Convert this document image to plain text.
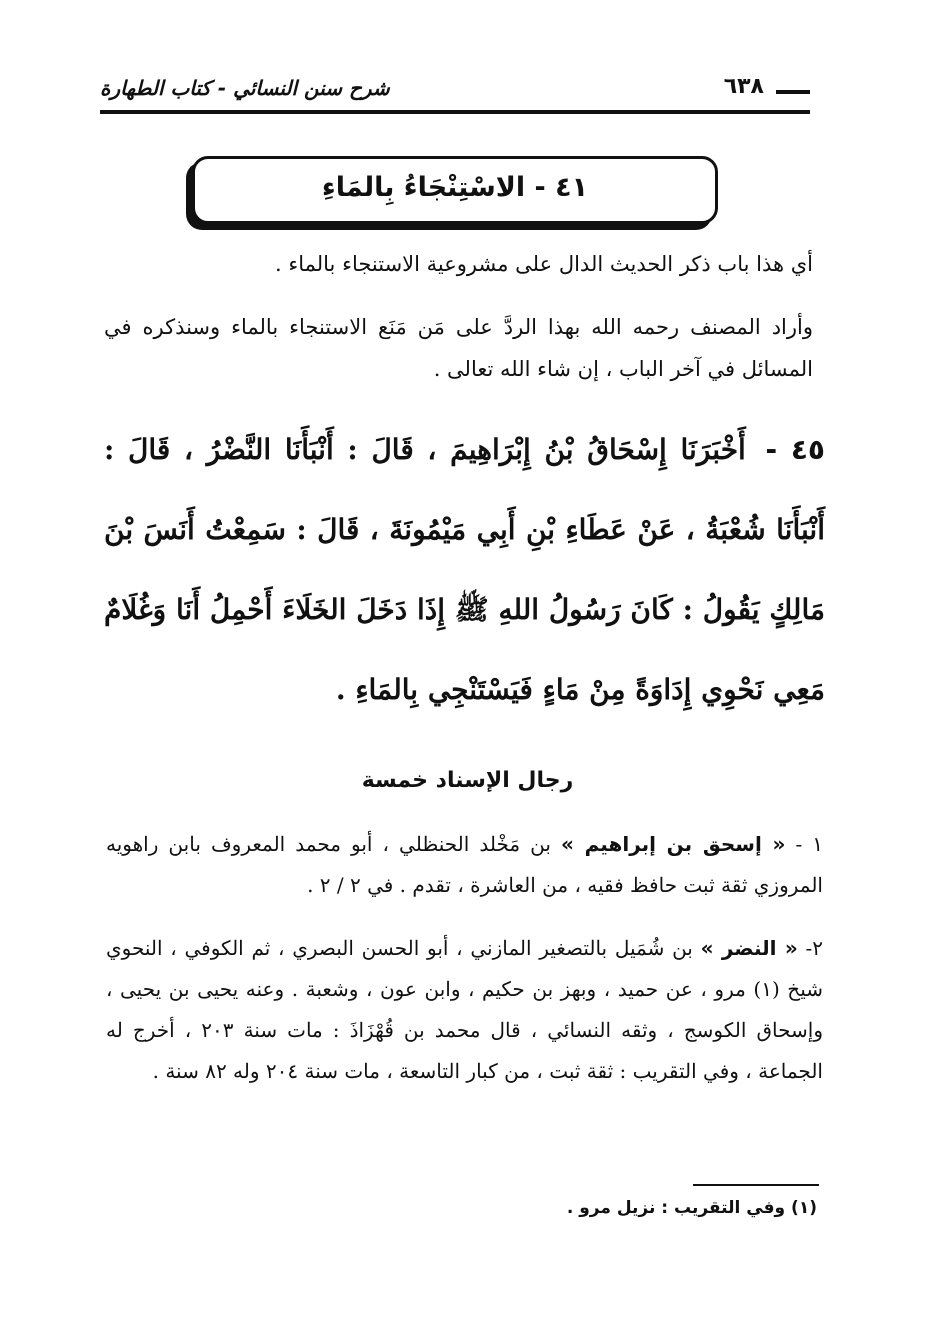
٦٣٨
شرح سنن النسائي - كتاب الطهارة
٤١ - الاسْتِنْجَاءُ بِالمَاءِ
أي هذا باب ذكر الحديث الدال على مشروعية الاستنجاء بالماء .
وأراد المصنف رحمه الله بهذا الردَّ على مَن مَنَع الاستنجاء بالماء وسنذكره في المسائل في آخر الباب ، إن شاء الله تعالى .
٤٥ - أَخْبَرَنَا إِسْحَاقُ بْنُ إِبْرَاهِيمَ ، قَالَ : أَنْبَأَنَا النَّضْرُ ، قَالَ : أَنْبَأَنَا شُعْبَةُ ، عَنْ عَطَاءِ بْنِ أَبِي مَيْمُونَةَ ، قَالَ : سَمِعْتُ أَنَسَ بْنَ مَالِكٍ يَقُولُ : كَانَ رَسُولُ اللهِ ﷺ إِذَا دَخَلَ الخَلَاءَ أَحْمِلُ أَنَا وَغُلَامٌ مَعِي نَحْوِي إِدَاوَةً مِنْ مَاءٍ فَيَسْتَنْجِي بِالمَاءِ .
رجال الإسناد خمسة
١ - « إسحق بن إبراهيم » بن مَخْلد الحنظلي ، أبو محمد المعروف بابن راهويه المروزي ثقة ثبت حافظ فقيه ، من العاشرة ، تقدم . في ٢ / ٢ .
٢- « النضر » بن شُمَيل بالتصغير المازني ، أبو الحسن البصري ، ثم الكوفي ، النحوي شيخ (١) مرو ، عن حميد ، وبهز بن حكيم ، وابن عون ، وشعبة . وعنه يحيى بن يحيى ، وإسحاق الكوسج ، وثقه النسائي ، قال محمد بن قُهْزَاذَ : مات سنة ٢٠٣ ، أخرج له الجماعة ، وفي التقريب : ثقة ثبت ، من كبار التاسعة ، مات سنة ٢٠٤ وله ٨٢ سنة .
(١) وفي التقريب : نزيل مرو .
